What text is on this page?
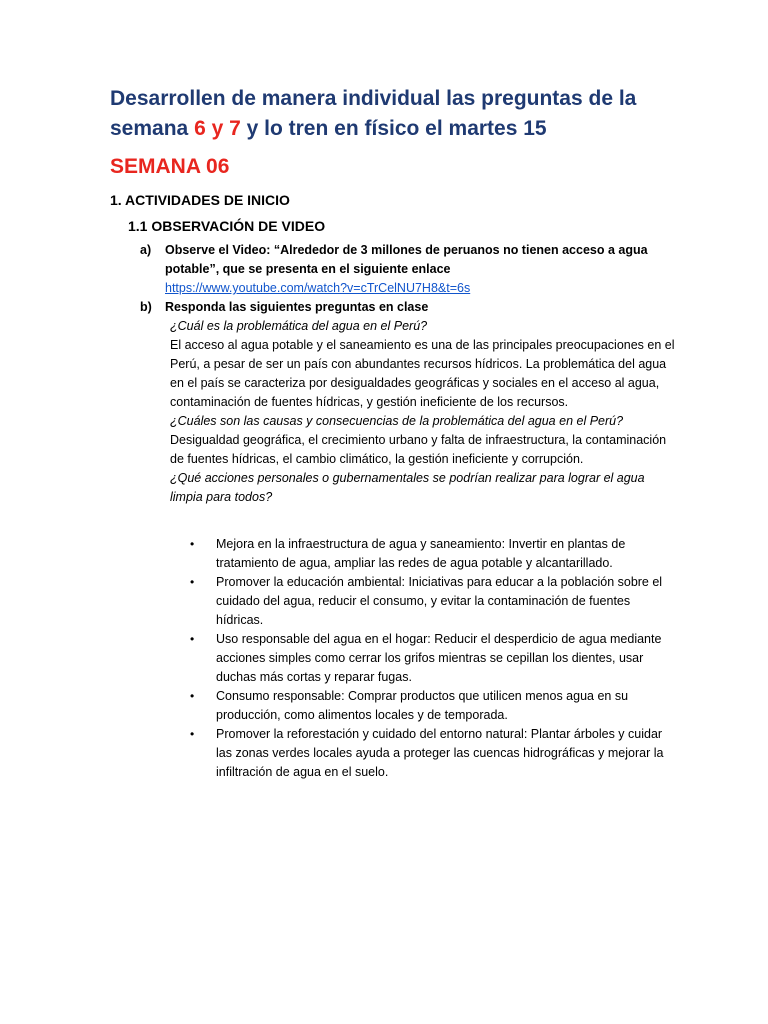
Desarrollen de manera individual las preguntas de la semana 6 y 7 y lo tren en físico el martes 15
SEMANA 06
1. ACTIVIDADES DE INICIO
1.1 OBSERVACIÓN DE VIDEO
a) Observe el Video: “Alrededor de 3 millones de peruanos no tienen acceso a agua potable”, que se presenta en el siguiente enlace
https://www.youtube.com/watch?v=cTrCelNU7H8&t=6s
b) Responda las siguientes preguntas en clase
¿Cuál es la problemática del agua en el Perú?
El acceso al agua potable y el saneamiento es una de las principales preocupaciones en el Perú, a pesar de ser un país con abundantes recursos hídricos. La problemática del agua en el país se caracteriza por desigualdades geográficas y sociales en el acceso al agua, contaminación de fuentes hídricas, y gestión ineficiente de los recursos.
¿Cuáles son las causas y consecuencias de la problemática del agua en el Perú?
Desigualdad geográfica, el crecimiento urbano y falta de infraestructura, la contaminación de fuentes hídricas, el cambio climático, la gestión ineficiente y corrupción.
¿Qué acciones personales o gubernamentales se podrían realizar para lograr el agua limpia para todos?
•	Mejora en la infraestructura de agua y saneamiento: Invertir en plantas de tratamiento de agua, ampliar las redes de agua potable y alcantarillado.
•	Promover la educación ambiental: Iniciativas para educar a la población sobre el cuidado del agua, reducir el consumo, y evitar la contaminación de fuentes hídricas.
•	Uso responsable del agua en el hogar: Reducir el desperdicio de agua mediante acciones simples como cerrar los grifos mientras se cepillan los dientes, usar duchas más cortas y reparar fugas.
•	Consumo responsable: Comprar productos que utilicen menos agua en su producción, como alimentos locales y de temporada.
•	Promover la reforestación y cuidado del entorno natural: Plantar árboles y cuidar las zonas verdes locales ayuda a proteger las cuencas hidrográficas y mejorar la infiltración de agua en el suelo.
